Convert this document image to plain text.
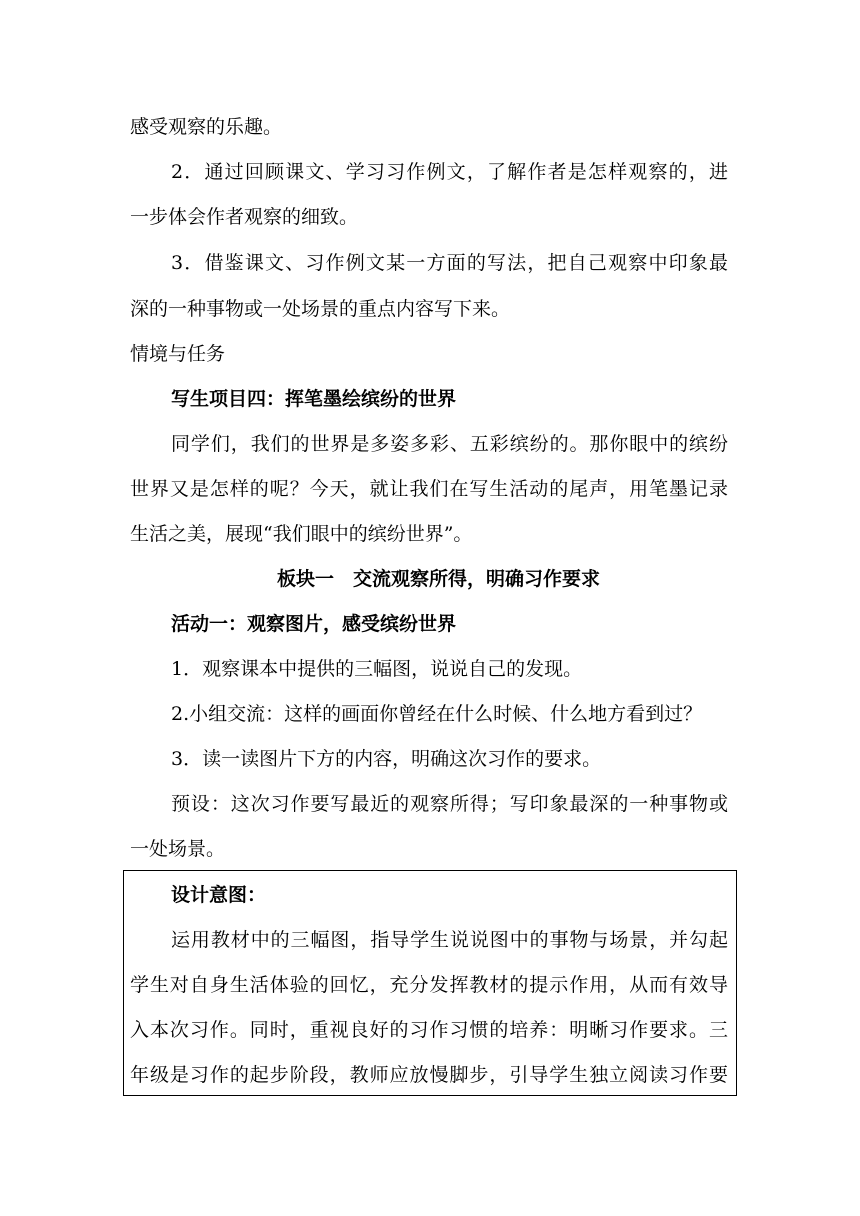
感受观察的乐趣。
2．通过回顾课文、学习习作例文，了解作者是怎样观察的，进
一步体会作者观察的细致。
3．借鉴课文、习作例文某一方面的写法，把自己观察中印象最
深的一种事物或一处场景的重点内容写下来。
情境与任务
写生项目四：挥笔墨绘缤纷的世界
同学们，我们的世界是多姿多彩、五彩缤纷的。那你眼中的缤纷
世界又是怎样的呢？今天，就让我们在写生活动的尾声，用笔墨记录
生活之美，展现“我们眼中的缤纷世界”。
板块一　交流观察所得，明确习作要求
活动一：观察图片，感受缤纷世界
1．观察课本中提供的三幅图，说说自己的发现。
2.小组交流：这样的画面你曾经在什么时候、什么地方看到过？
3．读一读图片下方的内容，明确这次习作的要求。
预设：这次习作要写最近的观察所得；写印象最深的一种事物或
一处场景。
设计意图：
运用教材中的三幅图，指导学生说说图中的事物与场景，并勾起
学生对自身生活体验的回忆，充分发挥教材的提示作用，从而有效导
入本次习作。同时，重视良好的习作习惯的培养：明晰习作要求。三
年级是习作的起步阶段，教师应放慢脚步，引导学生独立阅读习作要
